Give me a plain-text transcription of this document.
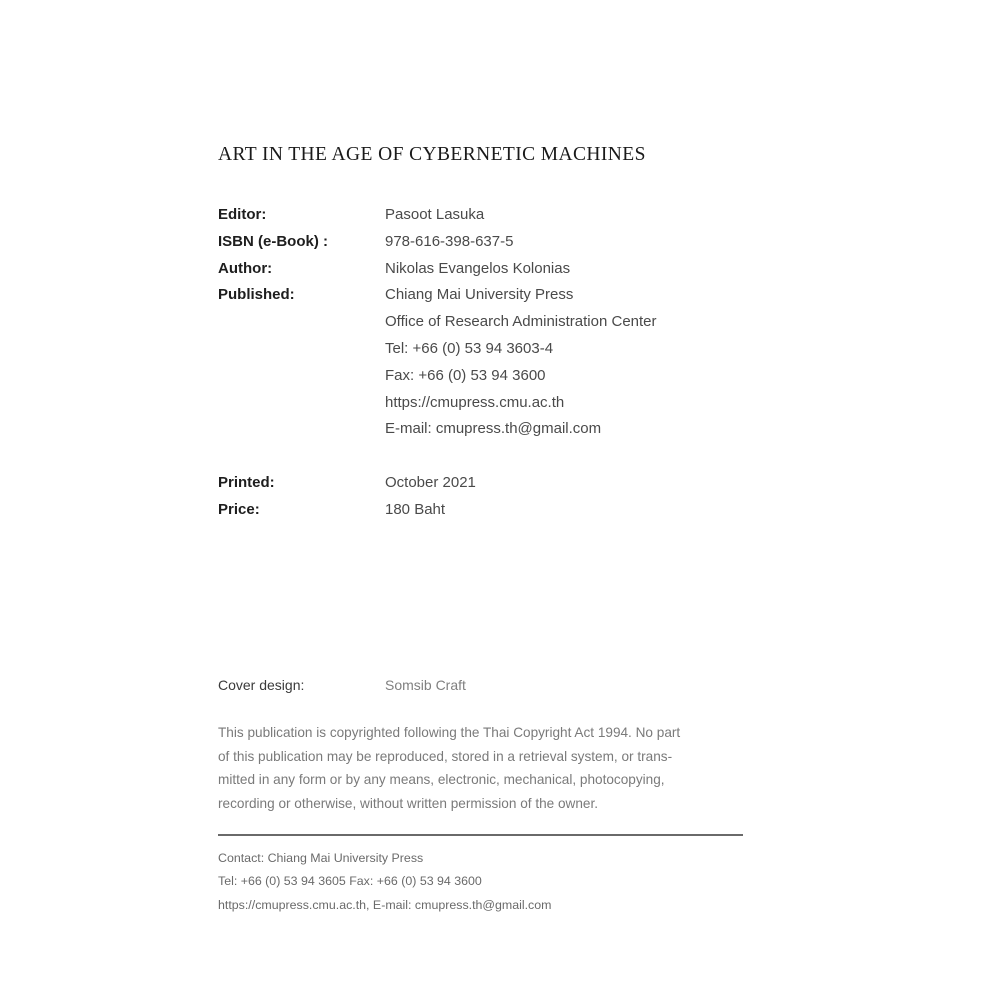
ART IN THE AGE OF CYBERNETIC MACHINES
Editor:	Pasoot Lasuka
ISBN (e-Book) :	978-616-398-637-5
Author:	Nikolas Evangelos Kolonias
Published:	Chiang Mai University Press
Office of Research Administration Center
Tel: +66 (0) 53 94 3603-4
Fax: +66 (0) 53 94 3600
https://cmupress.cmu.ac.th
E-mail: cmupress.th@gmail.com
Printed:	October 2021
Price:	180 Baht
Cover design:	Somsib Craft
This publication is copyrighted following the Thai Copyright Act 1994. No part
of this publication may be reproduced, stored in a retrieval system, or trans-
mitted in any form or by any means, electronic, mechanical, photocopying,
recording or otherwise, without written permission of the owner.
Contact: Chiang Mai University Press
Tel: +66 (0) 53 94 3605 Fax: +66 (0) 53 94 3600
https://cmupress.cmu.ac.th, E-mail: cmupress.th@gmail.com
